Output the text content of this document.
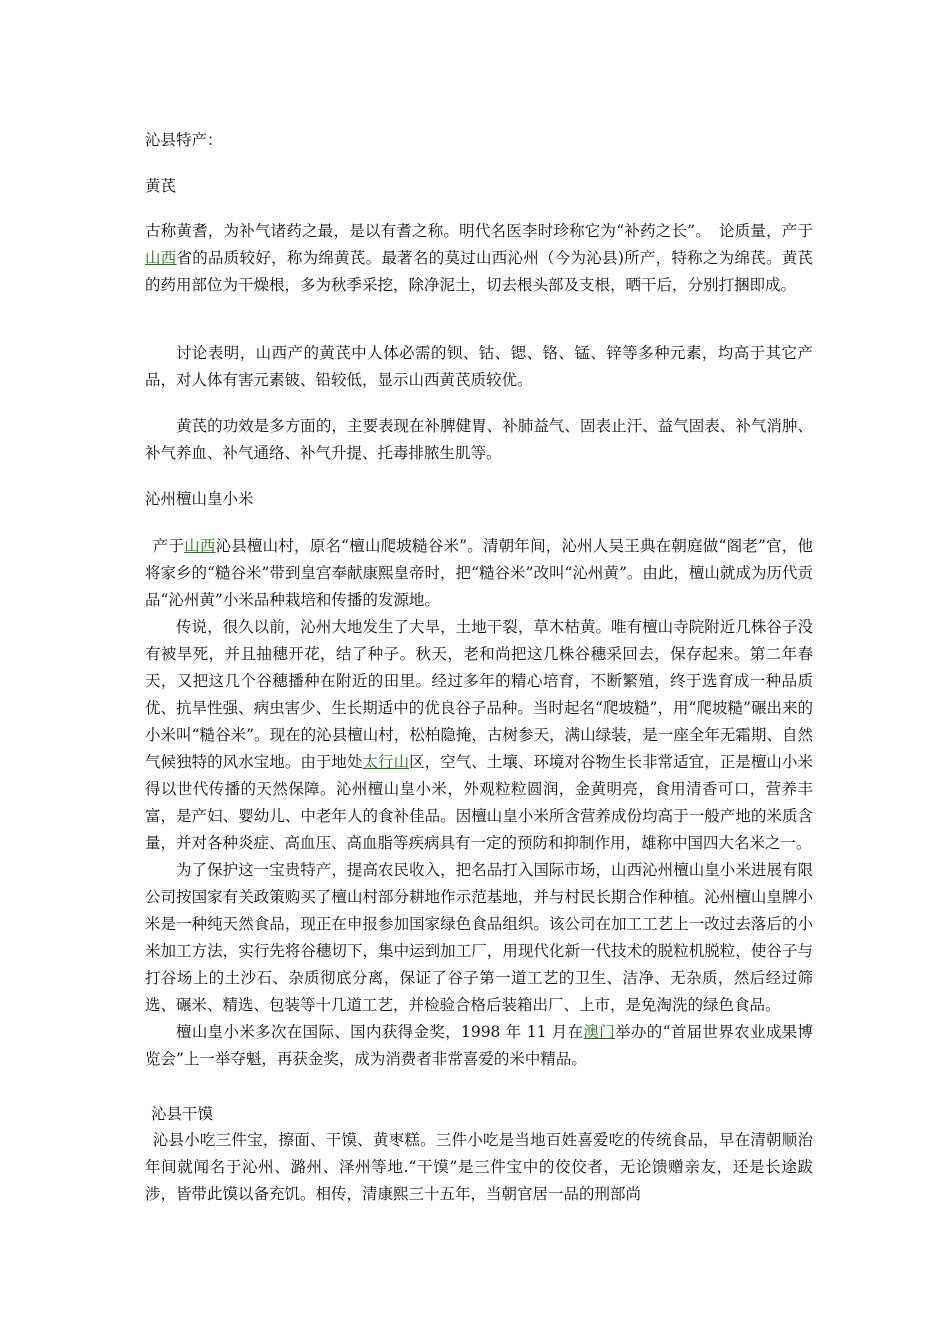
沁县特产：

黄芪

古称黄耆，为补气诸药之最，是以有耆之称。明代名医李时珍称它为“补药之长”。　论质量，产于山西省的品质较好，称为绵黄芪。最著名的莫过山西沁州（今为沁县)所产，特称之为绵芪。黄芪的药用部位为干燥根，多为秋季采挖，除净泥土，切去根头部及支根，晒干后，分别打捆即成。

讨论表明，山西产的黄芪中人体必需的钡、钴、锶、铬、锰、锌等多种元素，均高于其它产品，对人体有害元素铍、铅较低，显示山西黄芪质较优。

黄芪的功效是多方面的，主要表现在补脾健胃、补肺益气、固表止汗、益气固表、补气消肿、补气养血、补气通络、补气升提、托毒排脓生肌等。

沁州檀山皇小米

产于山西沁县檀山村，原名“檀山爬坡糙谷米”。清朝年间，沁州人吴王典在朝庭做“阁老”官，他将家乡的“糙谷米”带到皇宫奉献康熙皇帝时，把“糙谷米”改叫“沁州黄”。由此，檀山就成为历代贡品“沁州黄”小米品种栽培和传播的发源地。

传说，很久以前，沁州大地发生了大旱，土地干裂，草木枯黄。唯有檀山寺院附近几株谷子没有被旱死，并且抽穗开花，结了种子。秋天，老和尚把这几株谷穗采回去，保存起来。第二年春天，又把这几个谷穗播种在附近的田里。经过多年的精心培育，不断繁殖，终于选育成一种品质优、抗旱性强、病虫害少、生长期适中的优良谷子品种。当时起名“爬坡糙”，用“爬坡糙”碾出来的小米叫“糙谷米”。现在的沁县檀山村，松柏隐掩，古树参天，满山绿装，是一座全年无霜期、自然气候独特的风水宝地。由于地处太行山区，空气、土壤、环境对谷物生长非常适宜，正是檀山小米得以世代传播的天然保障。沁州檀山皇小米，外观粒粒圆润，金黄明亮，食用清香可口，营养丰富，是产妇、婴幼儿、中老年人的食补佳品。因檀山皇小米所含营养成份均高于一般产地的米质含量，并对各种炎症、高血压、高血脂等疾病具有一定的预防和抑制作用，雄称中国四大名米之一。

为了保护这一宝贵特产，提高农民收入，把名品打入国际市场，山西沁州檀山皇小米进展有限公司按国家有关政策购买了檀山村部分耕地作示范基地，并与村民长期合作种植。沁州檀山皇牌小米是一种纯天然食品，现正在申报参加国家绿色食品组织。该公司在加工工艺上一改过去落后的小米加工方法，实行先将谷穗切下，集中运到加工厂，用现代化新一代技术的脱粒机脱粒，使谷子与打谷场上的土沙石、杂质彻底分离，保证了谷子第一道工艺的卫生、洁净、无杂质，然后经过筛选、碾米、精选、包装等十几道工艺，并检验合格后装箱出厂、上市，是免淘洗的绿色食品。

檀山皇小米多次在国际、国内获得金奖，1998 年 11 月在澳门举办的“首届世界农业成果博览会”上一举夺魁，再获金奖，成为消费者非常喜爱的米中精品。

沁县干馍

沁县小吃三件宝，擦面、干馍、黄枣糕。三件小吃是当地百姓喜爱吃的传统食品，早在清朝顺治年间就闻名于沁州、潞州、泽州等地.“干馍”是三件宝中的佼佼者，无论馈赠亲友，还是长途跋涉，皆带此馍以备充饥。相传，清康熙三十五年，当朝官居一品的刑部尚
